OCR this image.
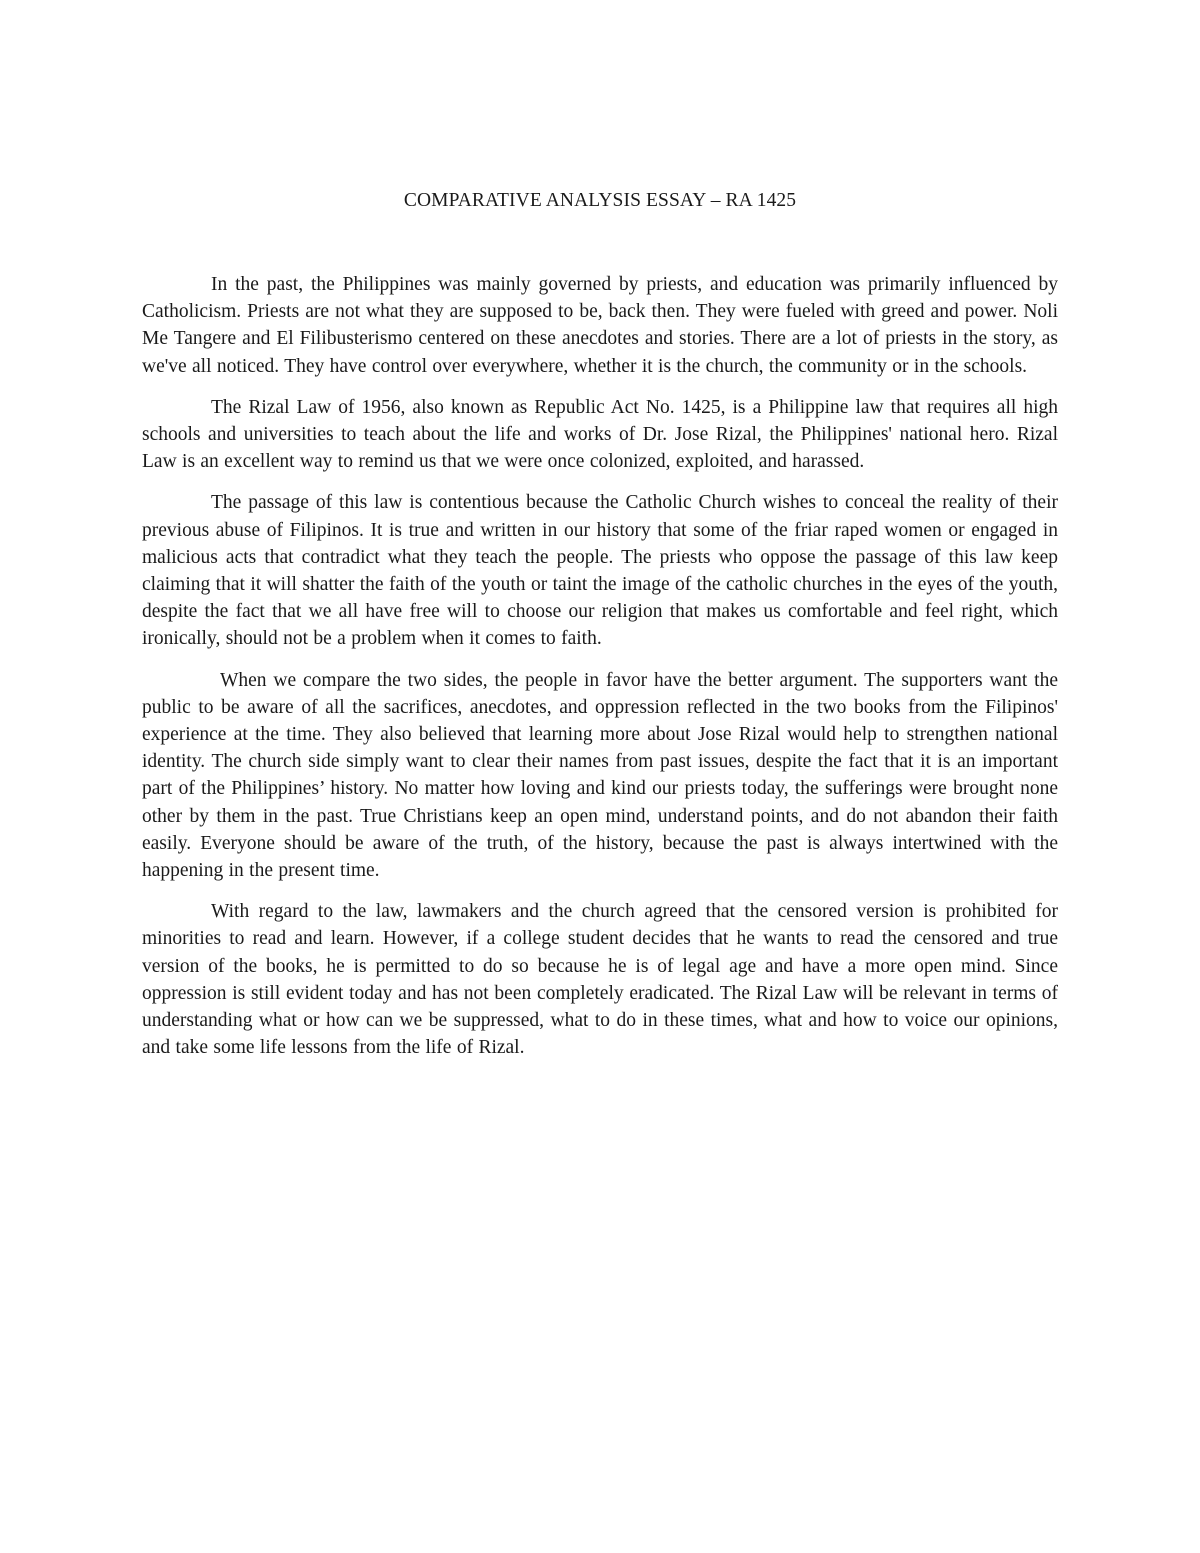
COMPARATIVE ANALYSIS ESSAY – RA 1425

In the past, the Philippines was mainly governed by priests, and education was primarily influenced by Catholicism. Priests are not what they are supposed to be, back then. They were fueled with greed and power. Noli Me Tangere and El Filibusterismo centered on these anecdotes and stories. There are a lot of priests in the story, as we've all noticed. They have control over everywhere, whether it is the church, the community or in the schools.

The Rizal Law of 1956, also known as Republic Act No. 1425, is a Philippine law that requires all high schools and universities to teach about the life and works of Dr. Jose Rizal, the Philippines' national hero. Rizal Law is an excellent way to remind us that we were once colonized, exploited, and harassed.

The passage of this law is contentious because the Catholic Church wishes to conceal the reality of their previous abuse of Filipinos. It is true and written in our history that some of the friar raped women or engaged in malicious acts that contradict what they teach the people. The priests who oppose the passage of this law keep claiming that it will shatter the faith of the youth or taint the image of the catholic churches in the eyes of the youth, despite the fact that we all have free will to choose our religion that makes us comfortable and feel right, which ironically, should not be a problem when it comes to faith.

When we compare the two sides, the people in favor have the better argument. The supporters want the public to be aware of all the sacrifices, anecdotes, and oppression reflected in the two books from the Filipinos' experience at the time. They also believed that learning more about Jose Rizal would help to strengthen national identity. The church side simply want to clear their names from past issues, despite the fact that it is an important part of the Philippines’ history. No matter how loving and kind our priests today, the sufferings were brought none other by them in the past. True Christians keep an open mind, understand points, and do not abandon their faith easily. Everyone should be aware of the truth, of the history, because the past is always intertwined with the happening in the present time.

With regard to the law, lawmakers and the church agreed that the censored version is prohibited for minorities to read and learn. However, if a college student decides that he wants to read the censored and true version of the books, he is permitted to do so because he is of legal age and have a more open mind. Since oppression is still evident today and has not been completely eradicated. The Rizal Law will be relevant in terms of understanding what or how can we be suppressed, what to do in these times, what and how to voice our opinions, and take some life lessons from the life of Rizal.
